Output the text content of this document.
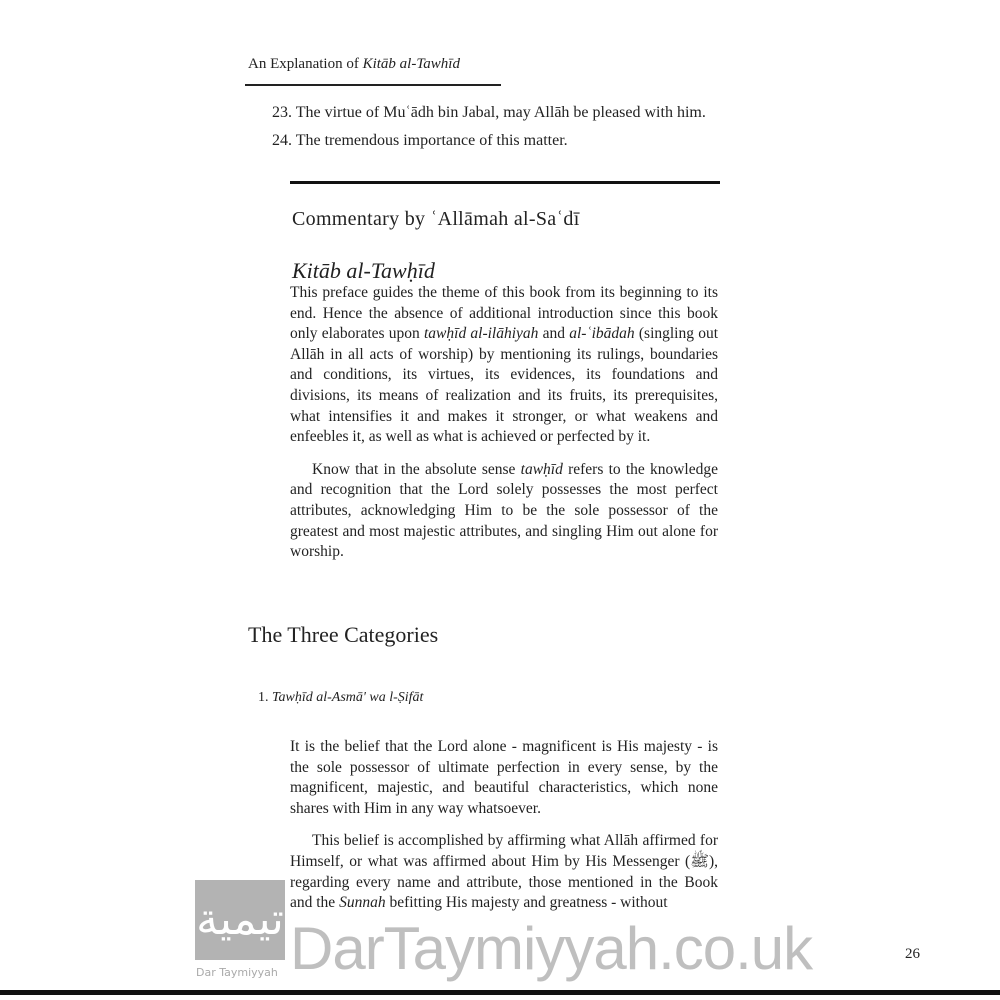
An Explanation of Kitāb al-Tawhīd
23. The virtue of Muʿādh bin Jabal, may Allāh be pleased with him.
24. The tremendous importance of this matter.
Commentary by ʿAllāmah al-Saʿdī
Kitāb al-Tawḥīd

This preface guides the theme of this book from its beginning to its end. Hence the absence of additional introduction since this book only elaborates upon tawḥīd al-ilāhiyah and al-ʿibādah (singling out Allāh in all acts of worship) by mentioning its rulings, boundaries and conditions, its virtues, its evidences, its foundations and divisions, its means of realization and its fruits, its prerequisites, what intensifies it and makes it stronger, or what weakens and enfeebles it, as well as what is achieved or perfected by it.

Know that in the absolute sense tawḥīd refers to the knowledge and recognition that the Lord solely possesses the most perfect attributes, acknowledging Him to be the sole possessor of the greatest and most majestic attributes, and singling Him out alone for worship.

The Three Categories
1. Tawḥīd al-Asmā' wa l-Ṣifāt

It is the belief that the Lord alone - magnificent is His majesty - is the sole possessor of ultimate perfection in every sense, by the magnificent, majestic, and beautiful characteristics, which none shares with Him in any way whatsoever.

This belief is accomplished by affirming what Allāh affirmed for Himself, or what was affirmed about Him by His Messenger (ﷺ), regarding every name and attribute, those mentioned in the Book and the Sunnah befitting His majesty and greatness - without

تيمية
Dar Taymiyyah DarTaymiyyah.co.uk	26
